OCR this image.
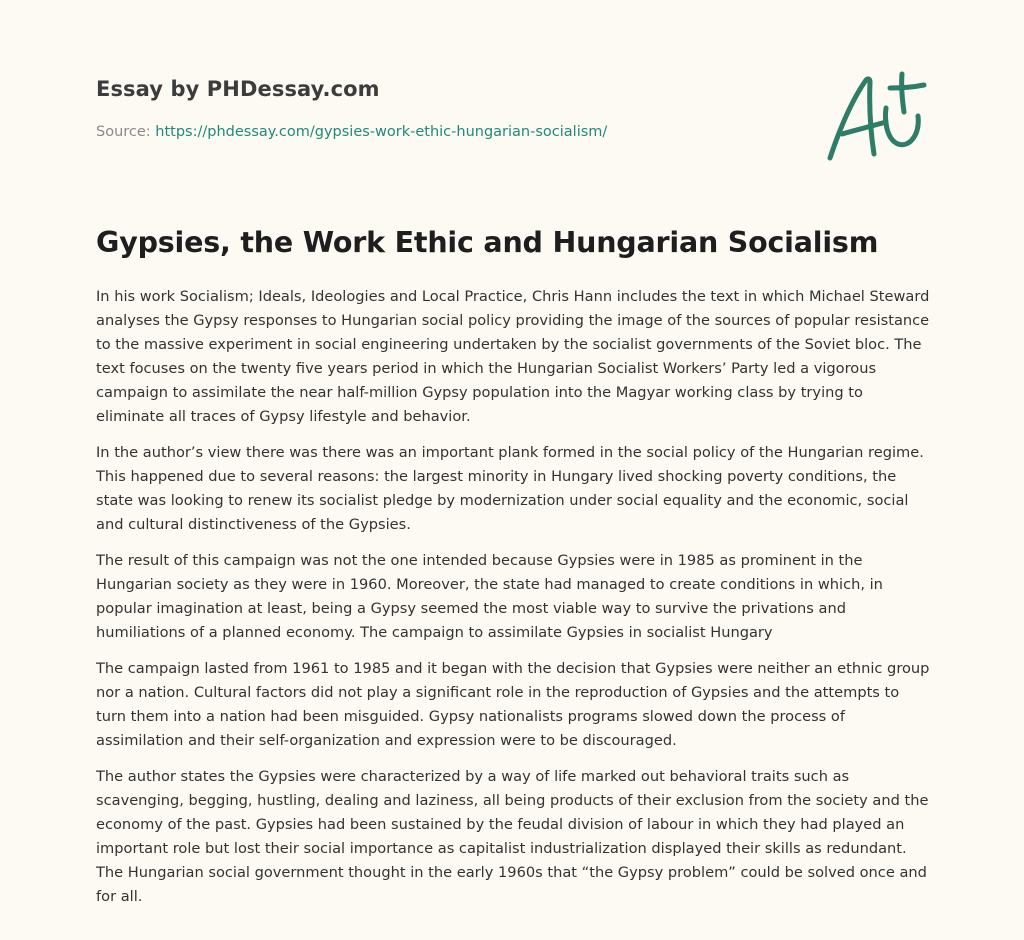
Essay by PHDessay.com
Source: https://phdessay.com/gypsies-work-ethic-hungarian-socialism/
Gypsies, the Work Ethic and Hungarian Socialism

In his work Socialism; Ideals, Ideologies and Local Practice, Chris Hann includes the text in which Michael Steward analyses the Gypsy responses to Hungarian social policy providing the image of the sources of popular resistance to the massive experiment in social engineering undertaken by the socialist governments of the Soviet bloc. The text focuses on the twenty five years period in which the Hungarian Socialist Workers’ Party led a vigorous campaign to assimilate the near half-million Gypsy population into the Magyar working class by trying to eliminate all traces of Gypsy lifestyle and behavior.

In the author’s view there was there was an important plank formed in the social policy of the Hungarian regime. This happened due to several reasons: the largest minority in Hungary lived shocking poverty conditions, the state was looking to renew its socialist pledge by modernization under social equality and the economic, social and cultural distinctiveness of the Gypsies.

The result of this campaign was not the one intended because Gypsies were in 1985 as prominent in the Hungarian society as they were in 1960. Moreover, the state had managed to create conditions in which, in popular imagination at least, being a Gypsy seemed the most viable way to survive the privations and humiliations of a planned economy. The campaign to assimilate Gypsies in socialist Hungary

The campaign lasted from 1961 to 1985 and it began with the decision that Gypsies were neither an ethnic group nor a nation. Cultural factors did not play a significant role in the reproduction of Gypsies and the attempts to turn them into a nation had been misguided. Gypsy nationalists programs slowed down the process of assimilation and their self-organization and expression were to be discouraged.

The author states the Gypsies were characterized by a way of life marked out behavioral traits such as scavenging, begging, hustling, dealing and laziness, all being products of their exclusion from the society and the economy of the past. Gypsies had been sustained by the feudal division of labour in which they had played an important role but lost their social importance as capitalist industrialization displayed their skills as redundant. The Hungarian social government thought in the early 1960s that “the Gypsy problem” could be solved once and for all.
